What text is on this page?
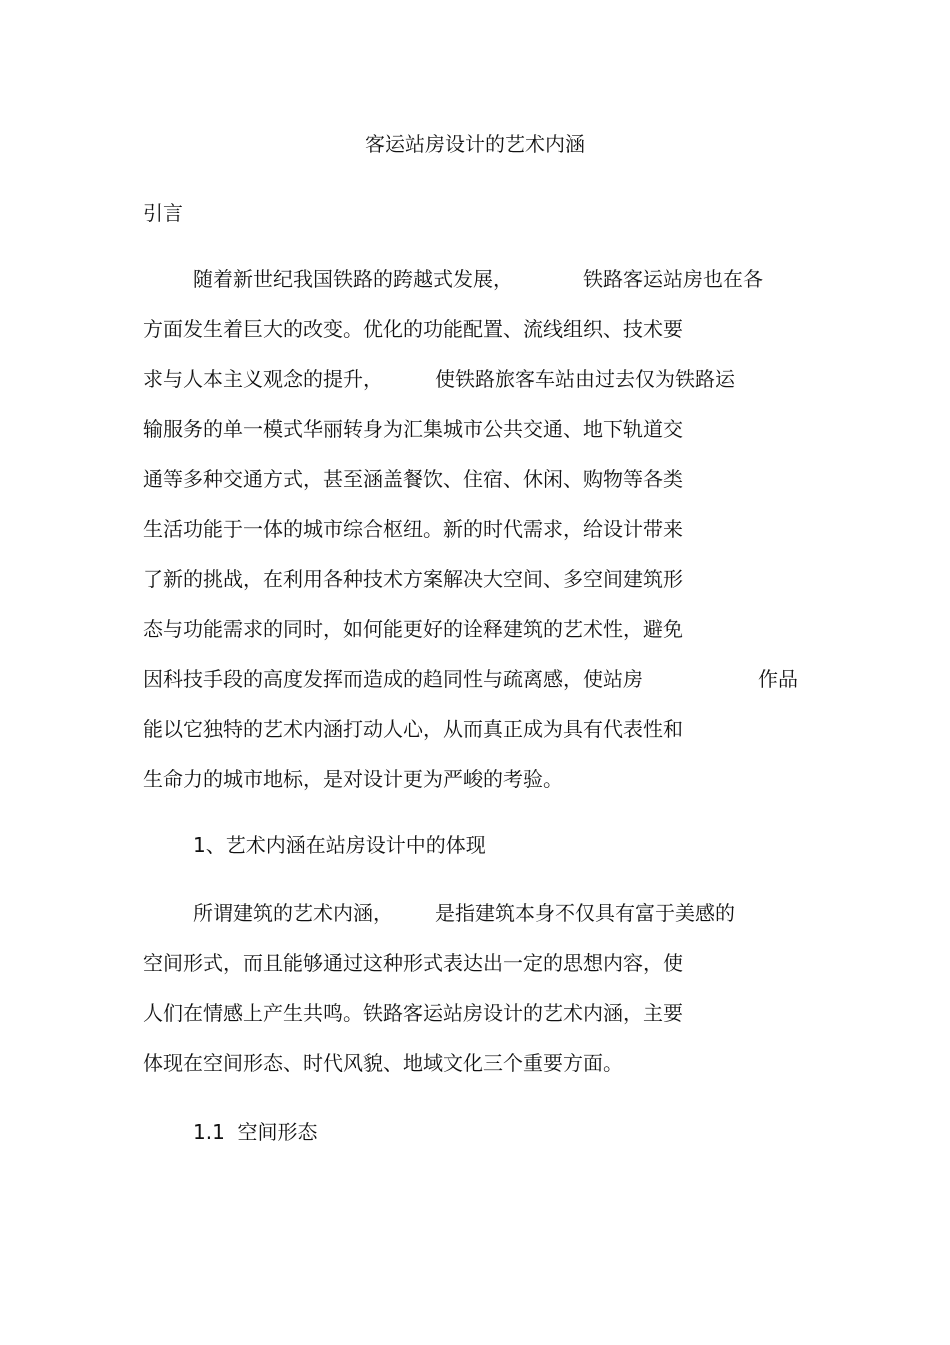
客运站房设计的艺术内涵
引言
随着新世纪我国铁路的跨越式发展，	铁路客运站房也在各
方面发生着巨大的改变。优化的功能配置、流线组织、技术要
求与人本主义观念的提升，	使铁路旅客车站由过去仅为铁路运
输服务的单一模式华丽转身为汇集城市公共交通、地下轨道交
通等多种交通方式，甚至涵盖餐饮、住宿、休闲、购物等各类
生活功能于一体的城市综合枢纽。新的时代需求，给设计带来
了新的挑战，在利用各种技术方案解决大空间、多空间建筑形
态与功能需求的同时，如何能更好的诠释建筑的艺术性，避免
因科技手段的高度发挥而造成的趋同性与疏离感，使站房	作品
能以它独特的艺术内涵打动人心，从而真正成为具有代表性和
生命力的城市地标，是对设计更为严峻的考验。
1、艺术内涵在站房设计中的体现
所谓建筑的艺术内涵， 是指建筑本身不仅具有富于美感的
空间形式，而且能够通过这种形式表达出一定的思想内容，使
人们在情感上产生共鸣。铁路客运站房设计的艺术内涵，主要
体现在空间形态、时代风貌、地域文化三个重要方面。
1.1  空间形态
